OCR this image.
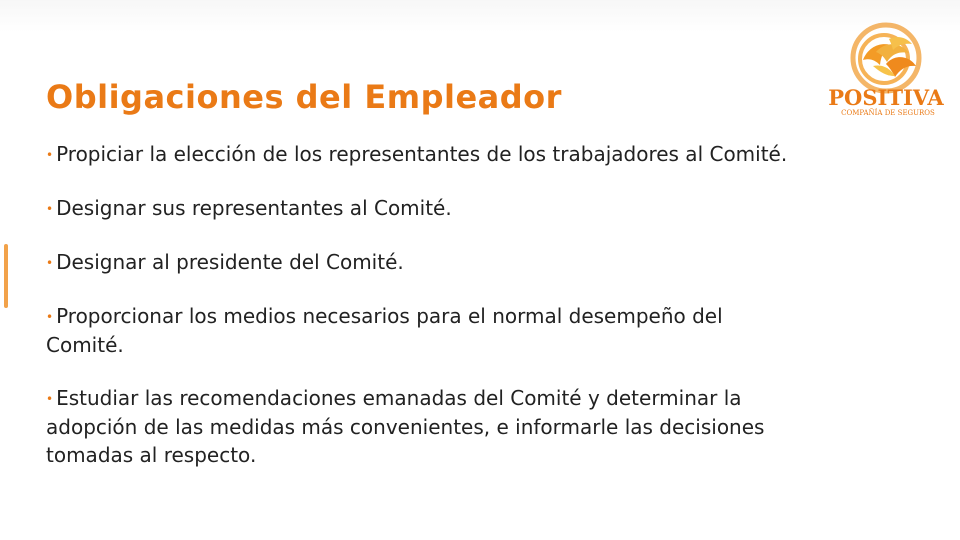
Obligaciones del Empleador	POSITIVA
COMPAÑÍA DE SEGUROS
• Propiciar la elección de los representantes de los trabajadores al Comité.
• Designar sus representantes al Comité.
• Designar al presidente del Comité.
• Proporcionar los medios necesarios para el normal desempeño del Comité.
• Estudiar las recomendaciones emanadas del Comité y determinar la adopción de las medidas más convenientes, e informarle las decisiones tomadas al respecto.
